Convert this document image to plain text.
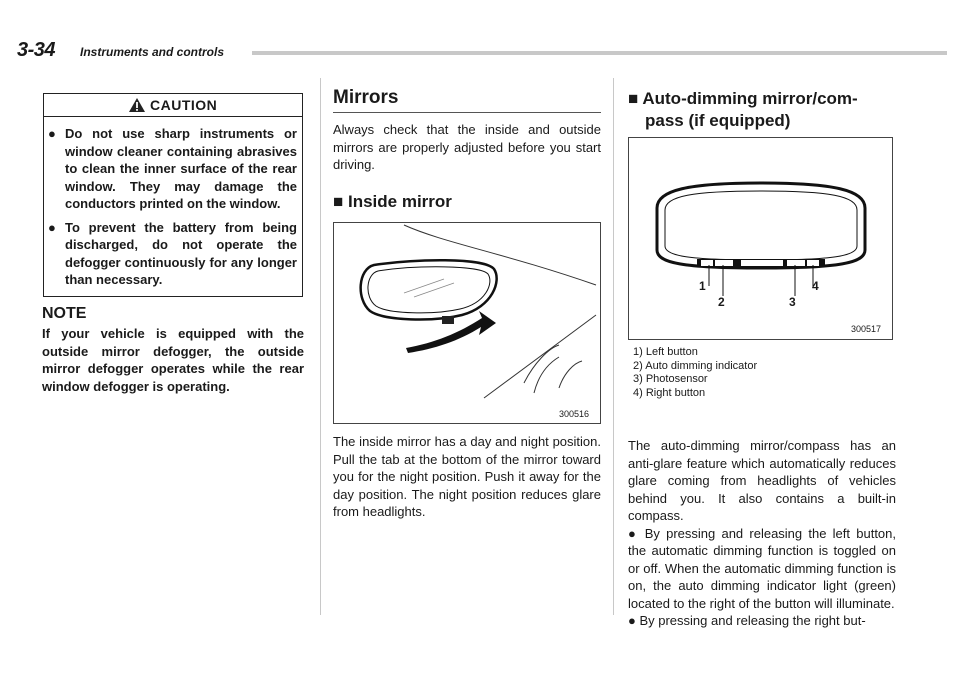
3-34 Instruments and controls
CAUTION
● Do not use sharp instruments or window cleaner containing abrasives to clean the inner surface of the rear window. They may damage the conductors printed on the window.
● To prevent the battery from being discharged, do not operate the defogger continuously for any longer than necessary.
NOTE
If your vehicle is equipped with the outside mirror defogger, the outside mirror defogger operates while the rear window defogger is operating.
Mirrors
Always check that the inside and outside mirrors are properly adjusted before you start driving.
■ Inside mirror
300516
The inside mirror has a day and night position. Pull the tab at the bottom of the mirror toward you for the night position. Push it away for the day position. The night position reduces glare from headlights.
■ Auto-dimming mirror/com-
pass (if equipped)
1
2	3
4
300517
1) Left button
2) Auto dimming indicator
3) Photosensor
4) Right button
The auto-dimming mirror/compass has an anti-glare feature which automatically reduces glare coming from headlights of vehicles behind you. It also contains a built-in compass.
● By pressing and releasing the left button, the automatic dimming function is toggled on or off. When the automatic dimming function is on, the auto dimming indicator light (green) located to the right of the button will illuminate.
● By pressing and releasing the right but-
